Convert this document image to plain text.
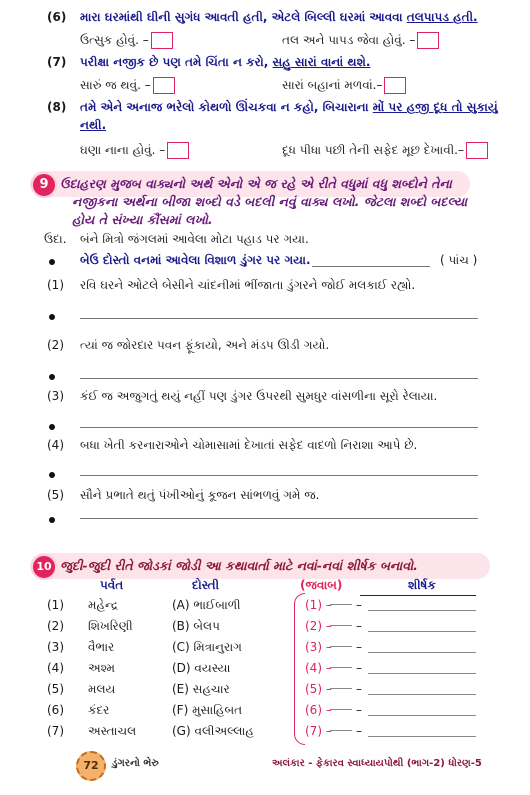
(6) મારા ઘરમાંથી ઘીની સુગંધ આવતી હતી, એટલે બિલ્લી ઘરમાં આવવા તલપાપડ હતી.
ઉત્સુક હોવું. –	તલ અને પાપડ જેવા હોવું. –
(7) પરીક્ષા નજીક છે પણ તમે ચિંતા ન કરો, સહુ સારાં વાનાં થશે.
સારું જ થવું. –	સારાં બહાનાં મળવાં.–
(8) તમે એને અનાજ ભરેલો કોથળો ઊંચકવા ન કહો, બિચારાના મોં પર હજી દૂધ તો સુકાયું
નથી.
ઘણા નાના હોવું. –	દૂધ પીધા પછી તેની સફેદ મૂછ દેખાવી.–
9 ઉદાહરણ મુજબ વાક્યનો અર્થ એનો એ જ રહે એ રીતે વધુમાં વધુ શબ્દોને તેના
નજીકના અર્થના બીજા શબ્દો વડે બદલી નવું વાક્ય લખો. જેટલા શબ્દો બદલ્યા
હોય તે સંખ્યા કૌંસમાં લખો.
ઉદા. બંને મિત્રો જંગલમાં આવેલા મોટા પહાડ પર ગયા.
બેઉ દોસ્તો વનમાં આવેલા વિશાળ ડુંગર પર ગયા.	( પાંચ )
(1) રવિ ઘરને ઓટલે બેસીને ચાંદનીમાં ભીંજાતા ડુંગરને જોઈ મલકાઈ રહ્યો.
(2) ત્યાં જ જોરદાર પવન ફૂંકાયો, અને મંડપ ઊડી ગયો.
(3) કંઈ જ અજુગતું થયું નહીં પણ ડુંગર ઉપરથી સુમધુર વાંસળીના સૂરો રેલાયા.
(4) બધા ખેતી કરનારાઓને ચોમાસામાં દેખાતાં સફેદ વાદળો નિરાશા આપે છે.
(5) સૌને પ્રભાતે થતું પંખીઓનું કૂજન સાંભળવું ગમે જ.
10 જુદી-જુદી રીતે જોડકાં જોડી આ કથાવાર્તા માટે નવાં-નવાં શીર્ષક બનાવો.
પર્વત	દોસ્તી	(જવાબ)	શીર્ષક
(1) મહેન્દ્ર	(A) ભાઈબાળી	(1) – –
(2) શિખરિણી	(B) બેલપ	(2) – –
(3) વૈભાર	(C) મિત્રાનુરાગ	(3) – –
(4) અશ્મ	(D) વયસ્યા	(4) – –
(5) મલય	(E) સહચાર	(5) – –
(6) કંદર	(F) મુસાહિબત	(6) – –
(7) અસ્તાચલ	(G) વલીઅલ્લાહ	(7) – –
72	ડુંગરનો ભેરુ	અલંકાર - ફેકારવ સ્વાધ્યાયપોથી (ભાગ-2) ધોરણ-5
